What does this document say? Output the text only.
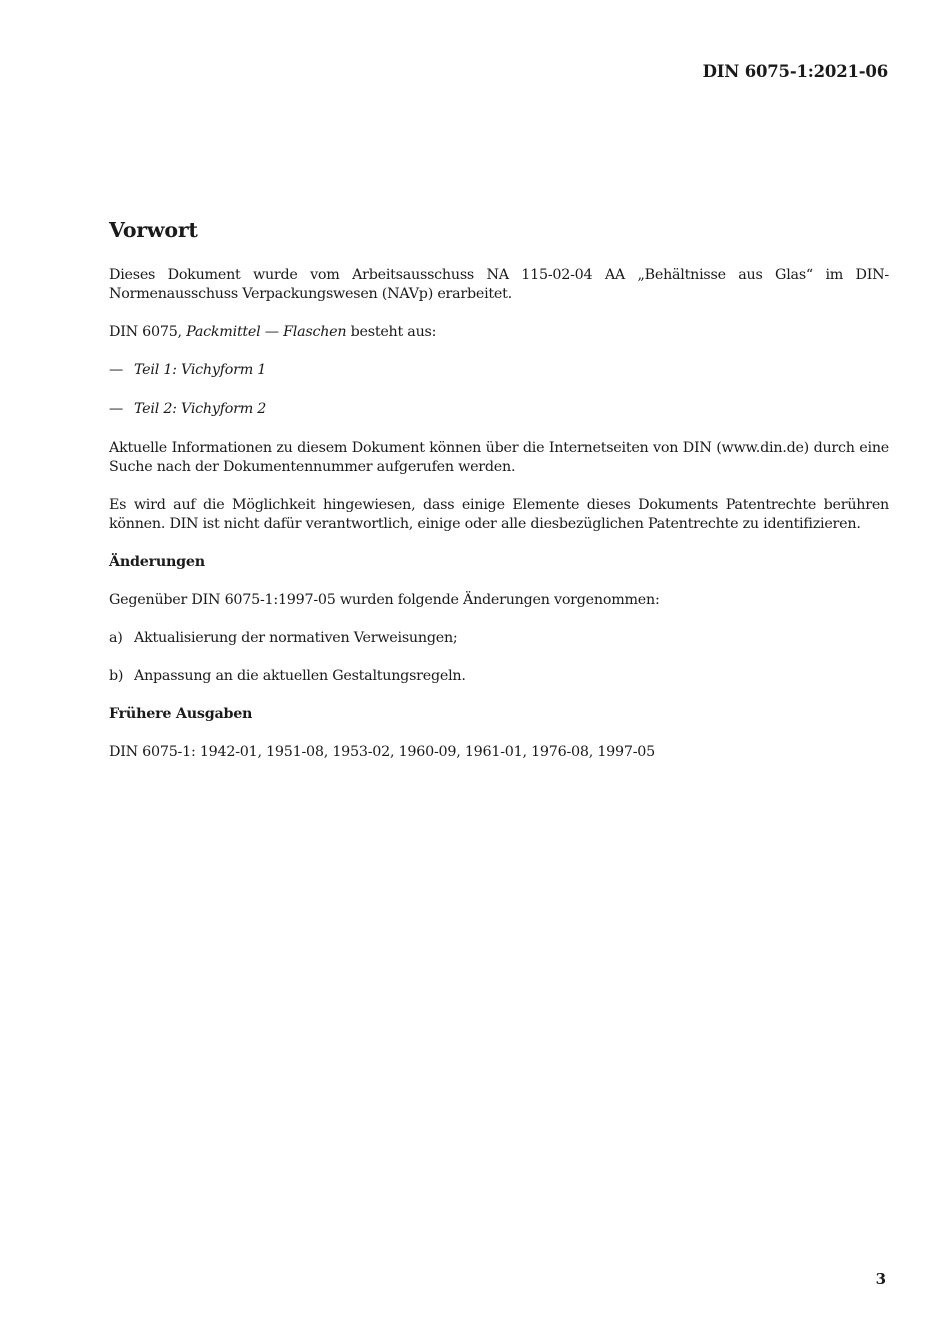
DIN 6075-1:2021-06
Vorwort

Dieses Dokument wurde vom Arbeitsausschuss NA 115-02-04 AA „Behältnisse aus Glas“ im DIN-Normenausschuss Verpackungswesen (NAVp) erarbeitet.

DIN 6075, Packmittel — Flaschen besteht aus:

— Teil 1: Vichyform 1
— Teil 2: Vichyform 2

Aktuelle Informationen zu diesem Dokument können über die Internetseiten von DIN (www.din.de) durch eine Suche nach der Dokumentennummer aufgerufen werden.

Es wird auf die Möglichkeit hingewiesen, dass einige Elemente dieses Dokuments Patentrechte berühren können. DIN ist nicht dafür verantwortlich, einige oder alle diesbezüglichen Patentrechte zu identifizieren.

Änderungen

Gegenüber DIN 6075-1:1997-05 wurden folgende Änderungen vorgenommen:

a) Aktualisierung der normativen Verweisungen;
b) Anpassung an die aktuellen Gestaltungsregeln.
Frühere Ausgaben

DIN 6075-1: 1942-01, 1951-08, 1953-02, 1960-09, 1961-01, 1976-08, 1997-05

3
